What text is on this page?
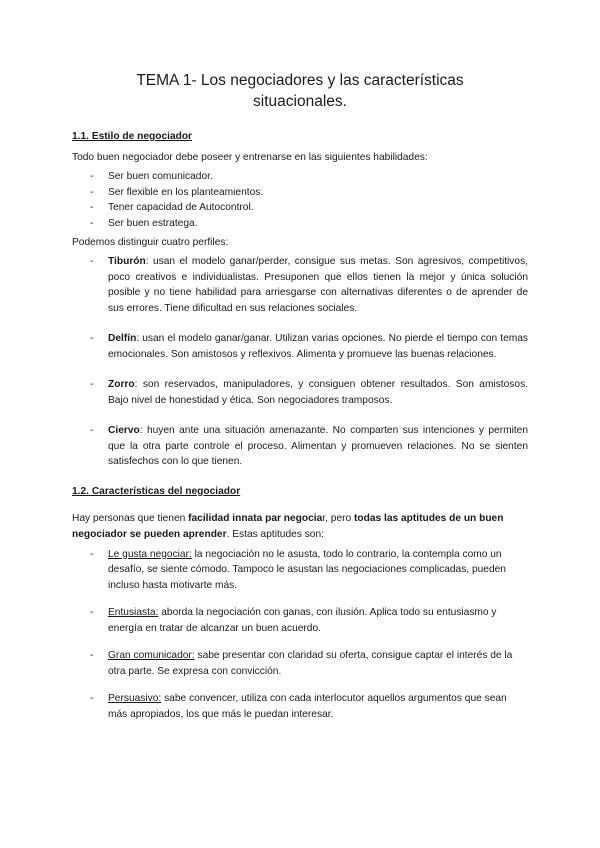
TEMA 1- Los negociadores y las características
situacionales.
1.1. Estilo de negociador

Todo buen negociador debe poseer y entrenarse en las siguientes habilidades:

- Ser buen comunicador.
- Ser flexible en los planteamientos.
- Tener capacidad de Autocontrol.
- Ser buen estratega.

Podemos distinguir cuatro perfiles:

- Tiburón: usan el modelo ganar/perder, consigue sus metas. Son agresivos, competitivos, poco creativos e individualistas. Presuponen que ellos tienen la mejor y única solución posible y no tiene habilidad para arriesgarse con alternativas diferentes o de aprender de sus errores. Tiene dificultad en sus relaciones sociales.
- Delfín: usan el modelo ganar/ganar. Utilizan varias opciones. No pierde el tiempo con temas emocionales. Son amistosos y reflexivos. Alimenta y promueve las buenas relaciones.
- Zorro: son reservados, manipuladores, y consiguen obtener resultados. Son amistosos. Bajo nivel de honestidad y ética. Son negociadores tramposos.
- Ciervo: huyen ante una situación amenazante. No comparten sus intenciones y permiten que la otra parte controle el proceso. Alimentan y promueven relaciones. No se sienten satisfechos con lo que tienen.
1.2. Características del negociador

Hay personas que tienen facilidad innata par negociar, pero todas las aptitudes de un buen negociador se pueden aprender. Estas aptitudes son:

- Le gusta negociar: la negociación no le asusta, todo lo contrario, la contempla como un desafío, se siente cómodo. Tampoco le asustan las negociaciones complicadas, pueden incluso hasta motivarte más.
- Entusiasta: aborda la negociación con ganas, con ilusión. Aplica todo su entusiasmo y energía en tratar de alcanzar un buen acuerdo.
- Gran comunicador: sabe presentar con claridad su oferta, consigue captar el interés de la otra parte. Se expresa con convicción.
- Persuasivo: sabe convencer, utiliza con cada interlocutor aquellos argumentos que sean más apropiados, los que más le puedan interesar.
